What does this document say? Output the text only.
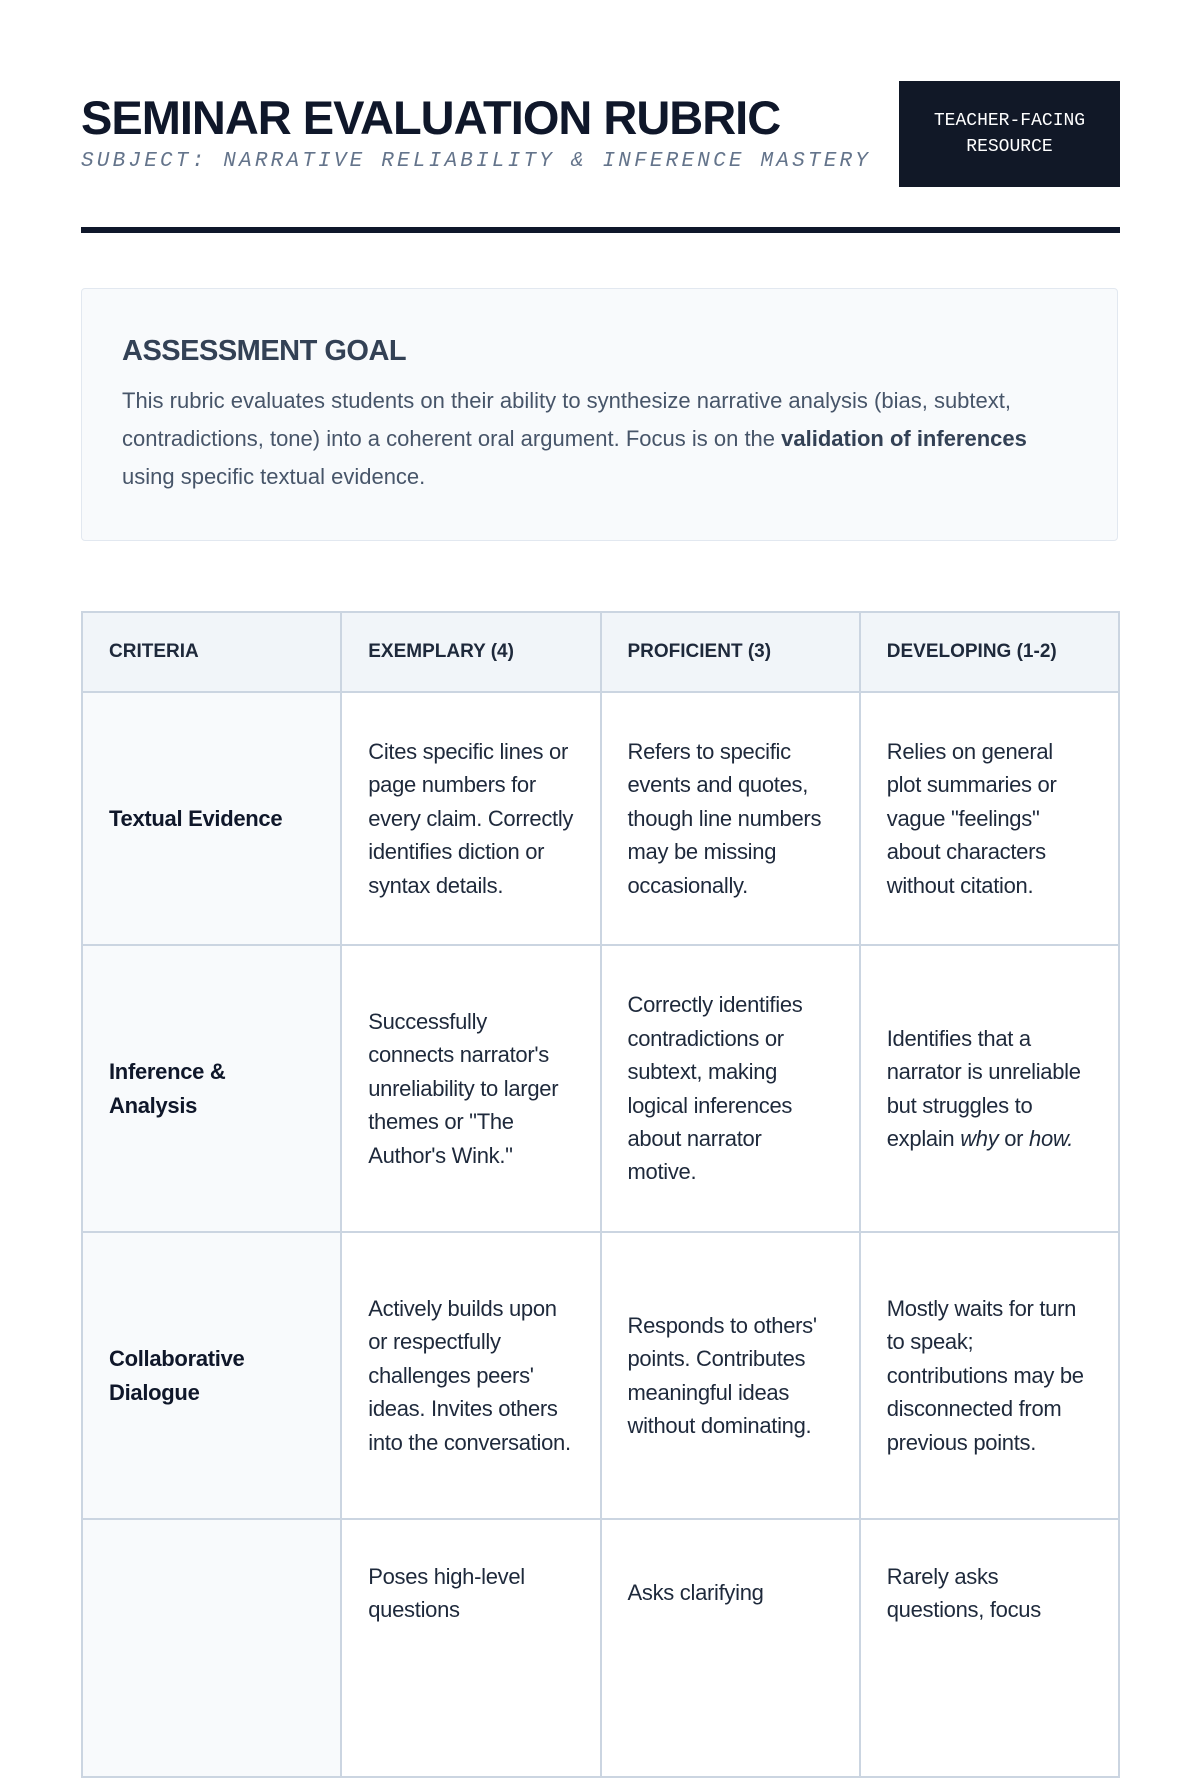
SEMINAR EVALUATION RUBRIC
SUBJECT: NARRATIVE RELIABILITY & INFERENCE MASTERY
TEACHER-FACING
RESOURCE
ASSESSMENT GOAL

This rubric evaluates students on their ability to synthesize narrative analysis (bias, subtext, contradictions, tone) into a coherent oral argument. Focus is on the validation of inferences using specific textual evidence.

CRITERIA	EXEMPLARY (4)	PROFICIENT (3)	DEVELOPING (1-2)
Textual Evidence	Cites specific lines or page numbers for every claim. Correctly identifies diction or syntax details.	Refers to specific events and quotes, though line numbers may be missing occasionally.	Relies on general plot summaries or vague "feelings" about characters without citation.
Inference & Analysis	Successfully connects narrator's unreliability to larger themes or "The Author's Wink."	Correctly identifies contradictions or subtext, making logical inferences about narrator motive.	Identifies that a narrator is unreliable but struggles to explain why or how.
Collaborative Dialogue	Actively builds upon or respectfully challenges peers' ideas. Invites others into the conversation.	Responds to others' points. Contributes meaningful ideas without dominating.	Mostly waits for turn to speak; contributions may be disconnected from previous points.
	Poses high-level questions	Asks clarifying	Rarely asks questions, focus
